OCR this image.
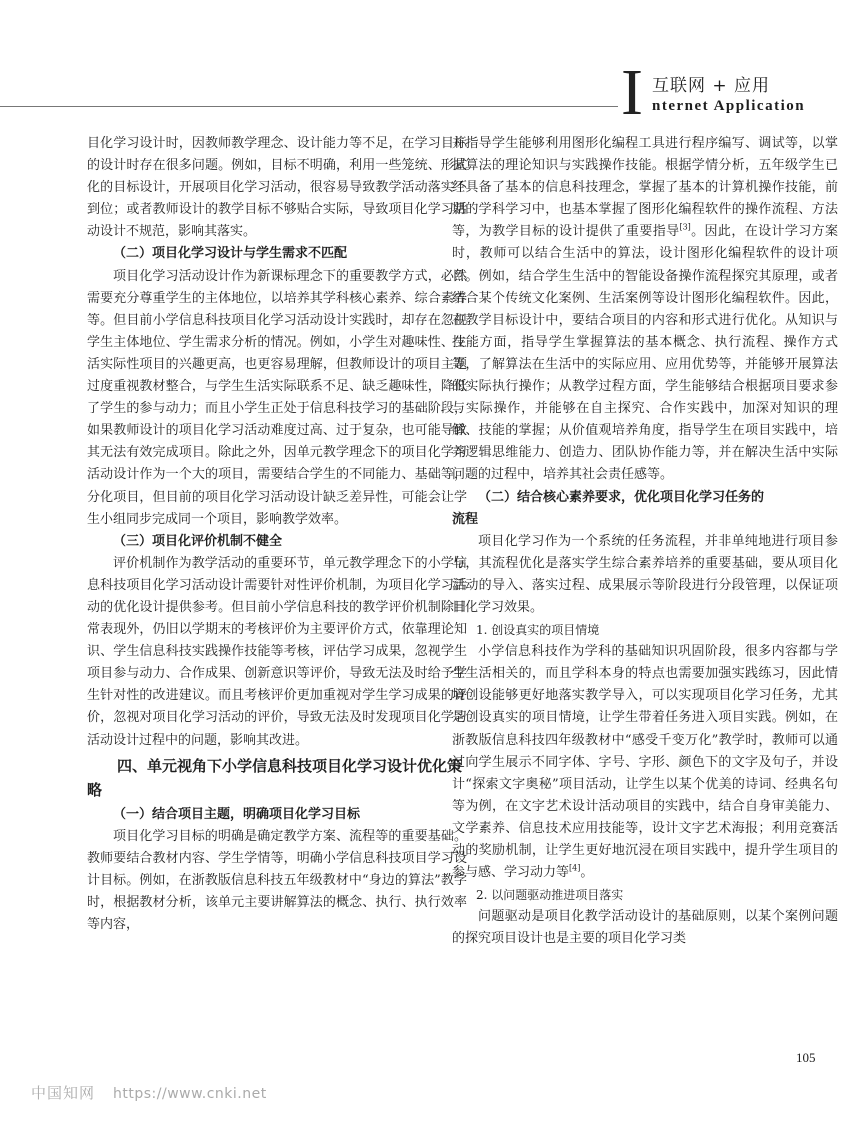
I 互联网 + 应用
nternet Application

目化学习设计时，因教师教学理念、设计能力等不足，在学习目标的设计时存在很多问题。例如，目标不明确，利用一些笼统、形式化的目标设计，开展项目化学习活动，很容易导致教学活动落实不到位；或者教师设计的教学目标不够贴合实际，导致项目化学习活动设计不规范，影响其落实。

（二）项目化学习设计与学生需求不匹配

项目化学习活动设计作为新课标理念下的重要教学方式，必然需要充分尊重学生的主体地位，以培养其学科核心素养、综合素养等。但目前小学信息科技项目化学习活动设计实践时，却存在忽视学生主体地位、学生需求分析的情况。例如，小学生对趣味性、生活实际性项目的兴趣更高，也更容易理解，但教师设计的项目主题过度重视教材整合，与学生生活实际联系不足、缺乏趣味性，降低了学生的参与动力；而且小学生正处于信息科技学习的基础阶段，如果教师设计的项目化学习活动难度过高、过于复杂，也可能导致其无法有效完成项目。除此之外，因单元教学理念下的项目化学习活动设计作为一个大的项目，需要结合学生的不同能力、基础等，分化项目，但目前的项目化学习活动设计缺乏差异性，可能会让学生小组同步完成同一个项目，影响教学效率。

（三）项目化评价机制不健全

评价机制作为教学活动的重要环节，单元教学理念下的小学信息科技项目化学习活动设计需要针对性评价机制，为项目化学习活动的优化设计提供参考。但目前小学信息科技的教学评价机制除日常表现外，仍旧以学期末的考核评价为主要评价方式，依靠理论知识、学生信息科技实践操作技能等考核，评估学习成果，忽视学生项目参与动力、合作成果、创新意识等评价，导致无法及时给予学生针对性的改进建议。而且考核评价更加重视对学生学习成果的评价，忽视对项目化学习活动的评价，导致无法及时发现项目化学习活动设计过程中的问题，影响其改进。

四、单元视角下小学信息科技项目化学习设计优化策略
（一）结合项目主题，明确项目化学习目标

项目化学习目标的明确是确定教学方案、流程等的重要基础。教师要结合教材内容、学生学情等，明确小学信息科技项目学习设计目标。例如，在浙教版信息科技五年级教材中“身边的算法”教学时，根据教材分析，该单元主要讲解算法的概念、执行、执行效率等内容，

并指导学生能够利用图形化编程工具进行程序编写、调试等，以掌握算法的理论知识与实践操作技能。根据学情分析，五年级学生已经具备了基本的信息科技理念，掌握了基本的计算机操作技能，前期的学科学习中，也基本掌握了图形化编程软件的操作流程、方法等，为教学目标的设计提供了重要指导[3]。因此，在设计学习方案时，教师可以结合生活中的算法，设计图形化编程软件的设计项目。例如，结合学生生活中的智能设备操作流程探究其原理，或者结合某个传统文化案例、生活案例等设计图形化编程软件。因此，在教学目标设计中，要结合项目的内容和形式进行优化。从知识与技能方面，指导学生掌握算法的基本概念、执行流程、操作方式等，了解算法在生活中的实际应用、应用优势等，并能够开展算法的实际执行操作；从教学过程方面，学生能够结合根据项目要求参与实际操作，并能够在自主探究、合作实践中，加深对知识的理解、技能的掌握；从价值观培养角度，指导学生在项目实践中，培养逻辑思维能力、创造力、团队协作能力等，并在解决生活中实际问题的过程中，培养其社会责任感等。

（二）结合核心素养要求，优化项目化学习任务的
流程

项目化学习作为一个系统的任务流程，并非单纯地进行项目参与，其流程优化是落实学生综合素养培养的重要基础，要从项目化活动的导入、落实过程、成果展示等阶段进行分段管理，以保证项目化学习效果。

1. 创设真实的项目情境

小学信息科技作为学科的基础知识巩固阶段，很多内容都与学生生活相关的，而且学科本身的特点也需要加强实践练习，因此情境创设能够更好地落实教学导入，可以实现项目化学习任务，尤其是创设真实的项目情境，让学生带着任务进入项目实践。例如，在浙教版信息科技四年级教材中“感受千变万化”教学时，教师可以通过向学生展示不同字体、字号、字形、颜色下的文字及句子，并设计“探索文字奥秘”项目活动，让学生以某个优美的诗词、经典名句等为例，在文字艺术设计活动项目的实践中，结合自身审美能力、文学素养、信息技术应用技能等，设计文字艺术海报；利用竞赛活动的奖励机制，让学生更好地沉浸在项目实践中，提升学生项目的参与感、学习动力等[4]。

2. 以问题驱动推进项目落实

问题驱动是项目化教学活动设计的基础原则，以某个案例问题的探究项目设计也是主要的项目化学习类

105
中国知网 https://www.cnki.net
